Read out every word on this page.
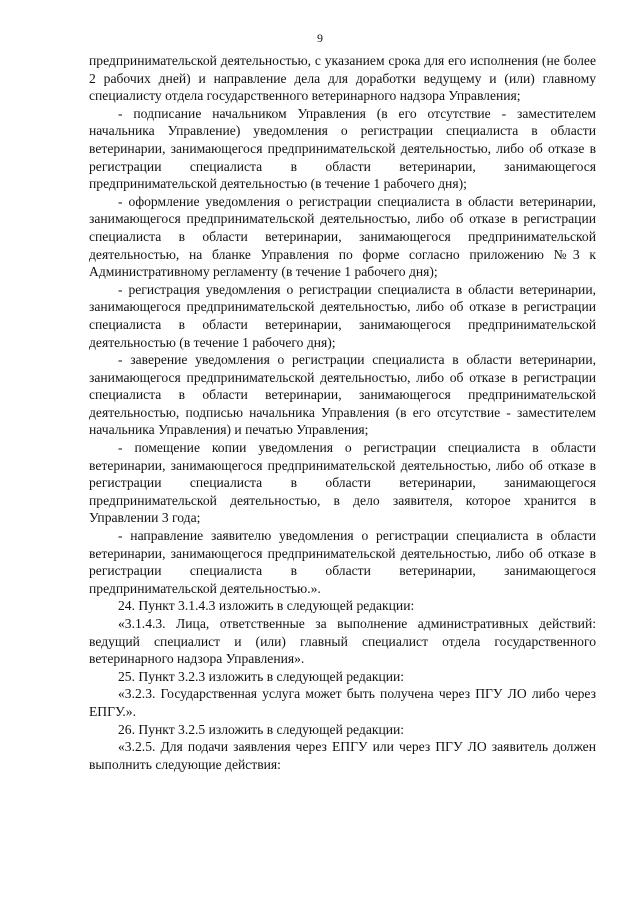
9

предпринимательской деятельностью, с указанием срока для его исполнения (не более 2 рабочих дней) и направление дела для доработки ведущему и (или) главному специалисту отдела государственного ветеринарного надзора Управления;

- подписание начальником Управления (в его отсутствие - заместителем начальника Управление) уведомления о регистрации специалиста в области ветеринарии, занимающегося предпринимательской деятельностью, либо об отказе в регистрации специалиста в области ветеринарии, занимающегося предпринимательской деятельностью (в течение 1 рабочего дня);

- оформление уведомления о регистрации специалиста в области ветеринарии, занимающегося предпринимательской деятельностью, либо об отказе в регистрации специалиста в области ветеринарии, занимающегося предпринимательской деятельностью, на бланке Управления по форме согласно приложению №3 к Административному регламенту (в течение 1 рабочего дня);

- регистрация уведомления о регистрации специалиста в области ветеринарии, занимающегося предпринимательской деятельностью, либо об отказе в регистрации специалиста в области ветеринарии, занимающегося предпринимательской деятельностью (в течение 1 рабочего дня);

- заверение уведомления о регистрации специалиста в области ветеринарии, занимающегося предпринимательской деятельностью, либо об отказе в регистрации специалиста в области ветеринарии, занимающегося предпринимательской деятельностью, подписью начальника Управления (в его отсутствие - заместителем начальника Управления) и печатью Управления;

- помещение копии уведомления о регистрации специалиста в области ветеринарии, занимающегося предпринимательской деятельностью, либо об отказе в регистрации специалиста в области ветеринарии, занимающегося предпринимательской деятельностью, в дело заявителя, которое хранится в Управлении 3 года;

- направление заявителю уведомления о регистрации специалиста в области ветеринарии, занимающегося предпринимательской деятельностью, либо об отказе в регистрации специалиста в области ветеринарии, занимающегося предпринимательской деятельностью.».

24. Пункт 3.1.4.3 изложить в следующей редакции:

«3.1.4.3. Лица, ответственные за выполнение административных действий: ведущий специалист и (или) главный специалист отдела государственного ветеринарного надзора Управления».

25. Пункт 3.2.3 изложить в следующей редакции:

«3.2.3. Государственная услуга может быть получена через ПГУ ЛО либо через ЕПГУ.».

26. Пункт 3.2.5 изложить в следующей редакции:

«3.2.5. Для подачи заявления через ЕПГУ или через ПГУ ЛО заявитель должен выполнить следующие действия:
